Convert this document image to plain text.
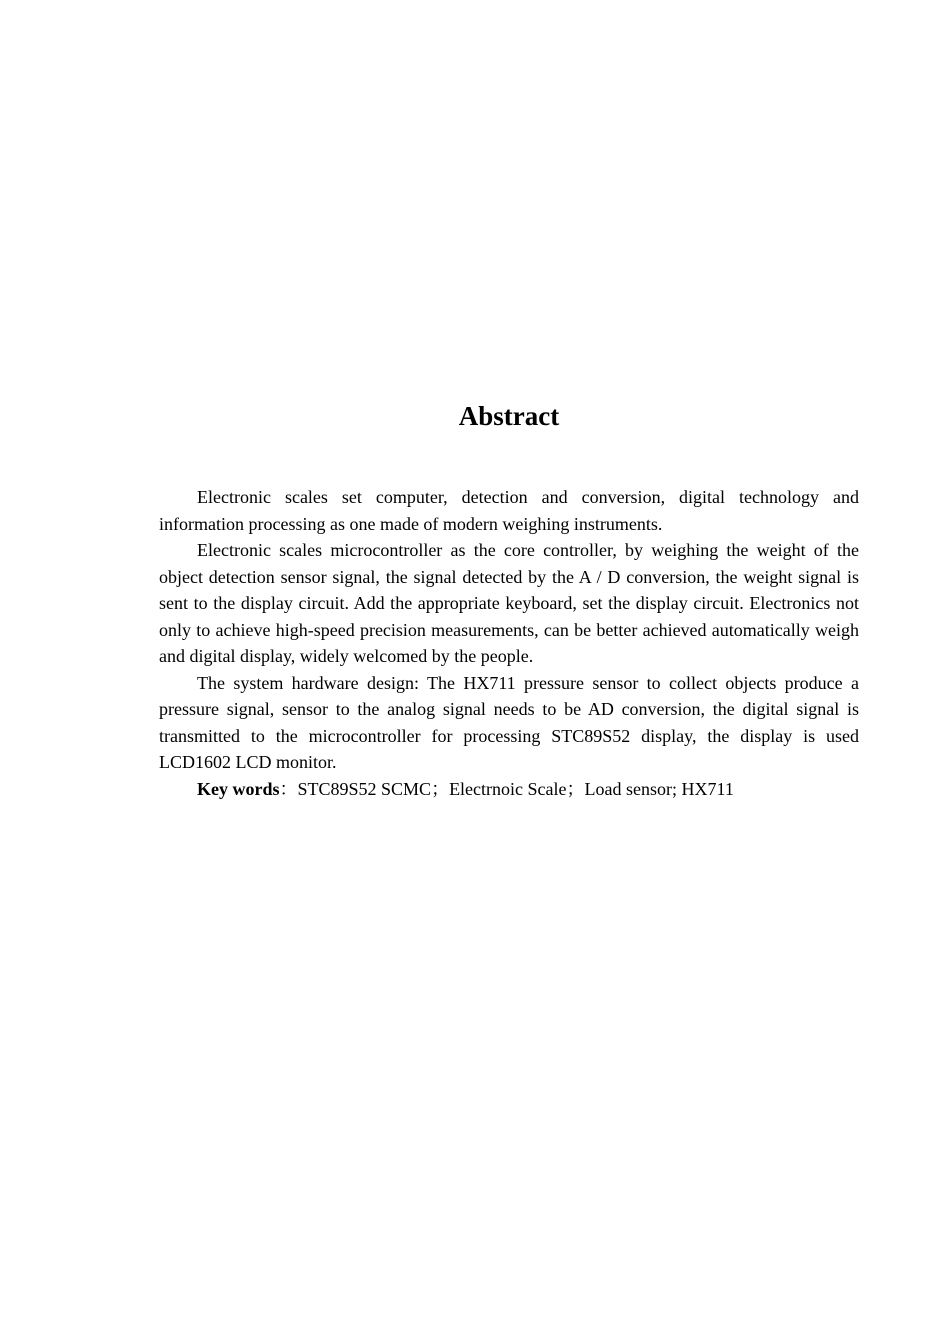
Abstract

Electronic scales set computer, detection and conversion, digital technology and information processing as one made of modern weighing instruments.

Electronic scales microcontroller as the core controller, by weighing the weight of the object detection sensor signal, the signal detected by the A / D conversion, the weight signal is sent to the display circuit. Add the appropriate keyboard, set the display circuit. Electronics not only to achieve high-speed precision measurements, can be better achieved automatically weigh and digital display, widely welcomed by the people.

The system hardware design: The HX711 pressure sensor to collect objects produce a pressure signal, sensor to the analog signal needs to be AD conversion, the digital signal is transmitted to the microcontroller for processing STC89S52 display, the display is used LCD1602 LCD monitor.

Key words：STC89S52 SCMC；Electrnoic Scale；Load sensor; HX711
